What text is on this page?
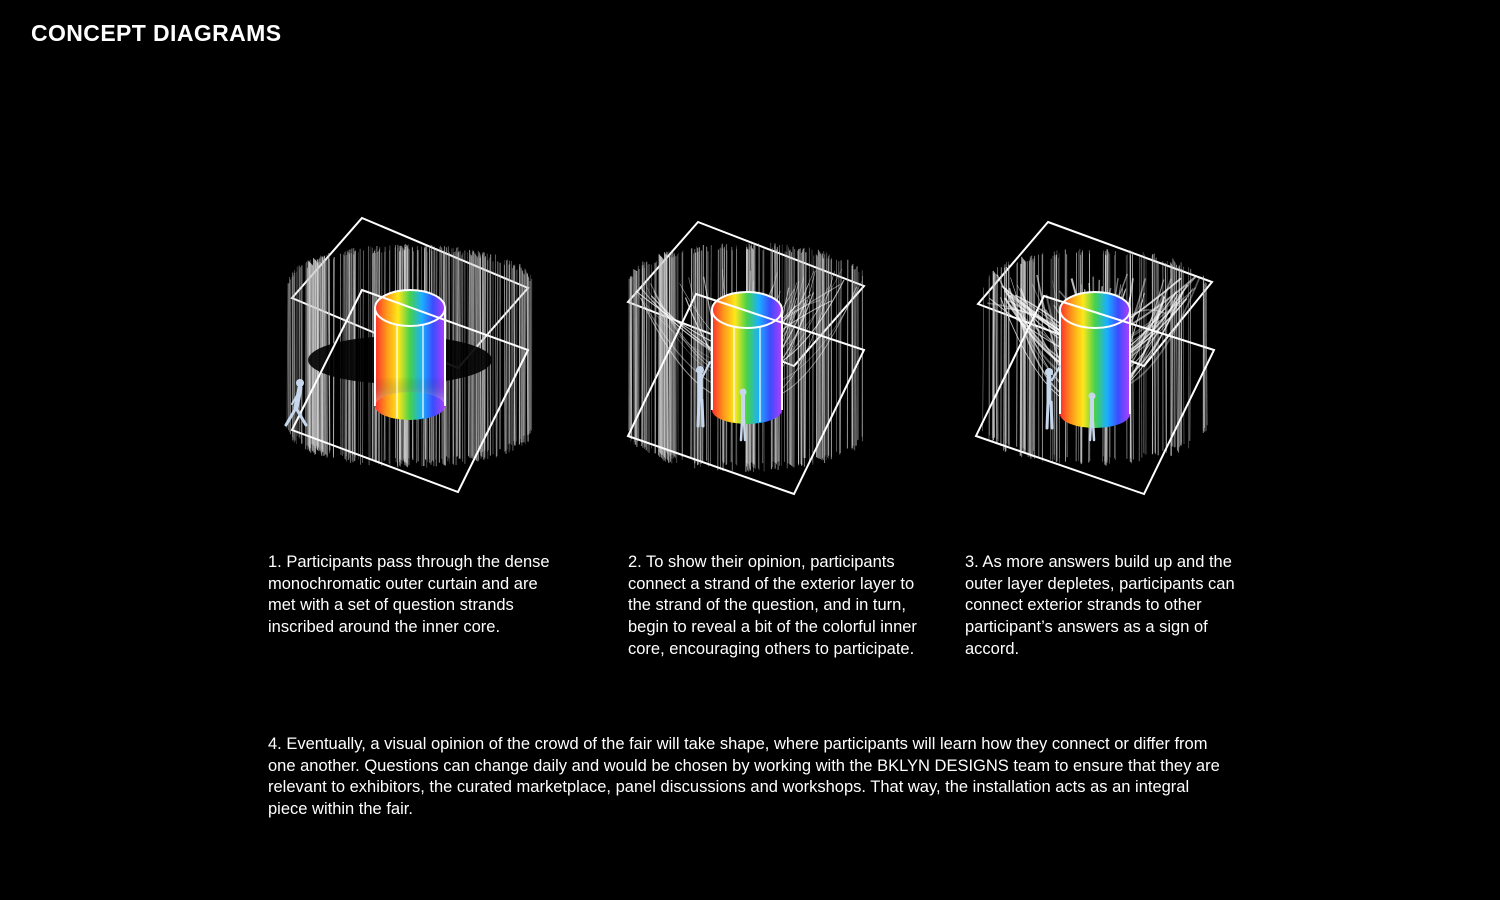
CONCEPT DIAGRAMS

1. Participants pass through the dense monochromatic outer curtain and are met with a set of question strands inscribed around the inner core.

2. To show their opinion, participants connect a strand of the exterior layer to the strand of the question, and in turn, begin to reveal a bit of the colorful inner core, encouraging others to participate.

3. As more answers build up and the outer layer depletes, participants can connect exterior strands to other participant’s answers as a sign of accord.

4. Eventually, a visual opinion of the crowd of the fair will take shape, where participants will learn how they connect or differ from one another. Questions can change daily and would be chosen by working with the BKLYN DESIGNS team to ensure that they are relevant to exhibitors, the curated marketplace, panel discussions and workshops. That way, the installation acts as an integral piece within the fair.
